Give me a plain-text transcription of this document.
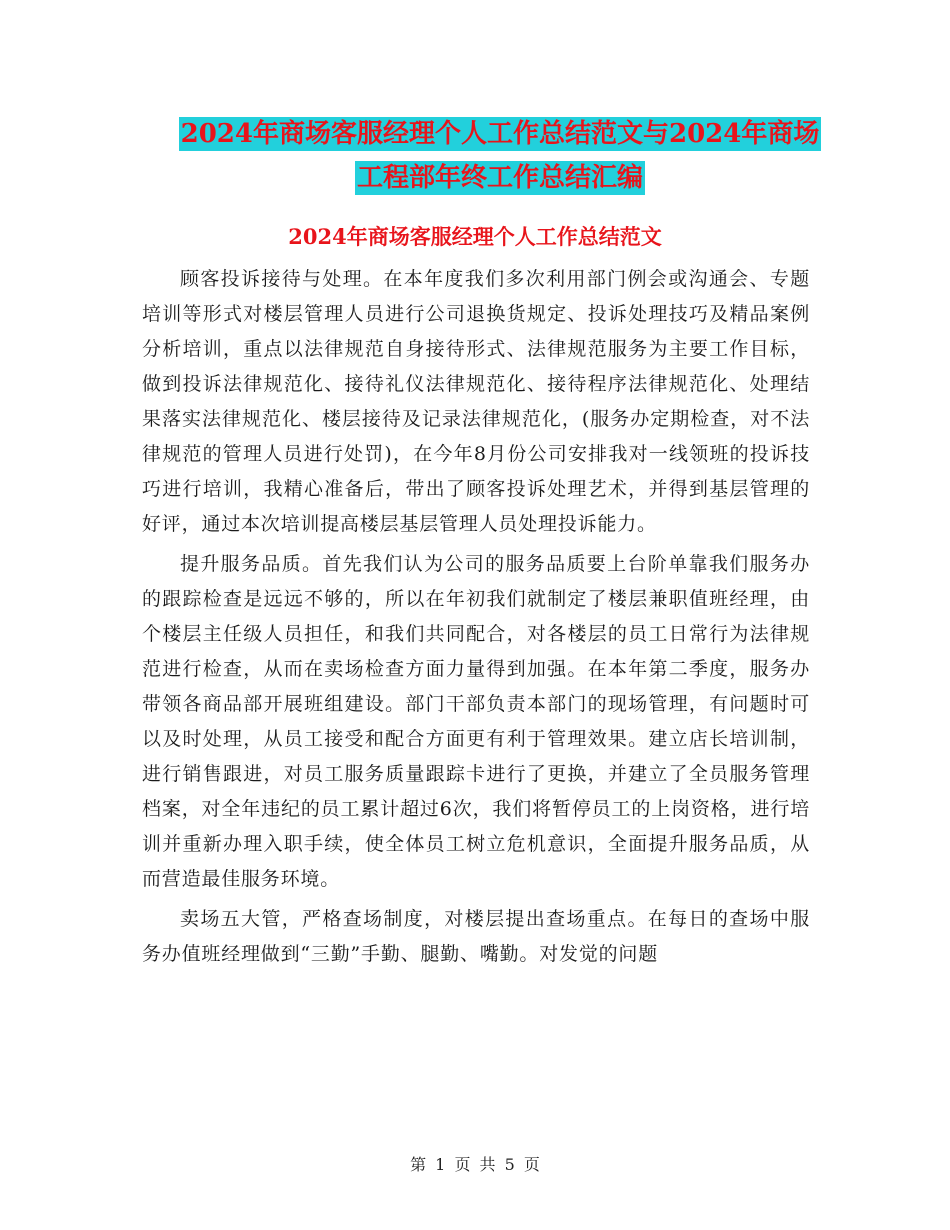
2024年商场客服经理个人工作总结范文与2024年商场
工程部年终工作总结汇编
2024年商场客服经理个人工作总结范文

顾客投诉接待与处理。在本年度我们多次利用部门例会或沟通会、专题培训等形式对楼层管理人员进行公司退换货规定、投诉处理技巧及精品案例分析培训，重点以法律规范自身接待形式、法律规范服务为主要工作目标，做到投诉法律规范化、接待礼仪法律规范化、接待程序法律规范化、处理结果落实法律规范化、楼层接待及记录法律规范化，(服务办定期检查，对不法律规范的管理人员进行处罚)，在今年8月份公司安排我对一线领班的投诉技巧进行培训，我精心准备后，带出了顾客投诉处理艺术，并得到基层管理的好评，通过本次培训提高楼层基层管理人员处理投诉能力。

提升服务品质。首先我们认为公司的服务品质要上台阶单靠我们服务办的跟踪检查是远远不够的，所以在年初我们就制定了楼层兼职值班经理，由个楼层主任级人员担任，和我们共同配合，对各楼层的员工日常行为法律规范进行检查，从而在卖场检查方面力量得到加强。在本年第二季度，服务办带领各商品部开展班组建设。部门干部负责本部门的现场管理，有问题时可以及时处理，从员工接受和配合方面更有利于管理效果。建立店长培训制，进行销售跟进，对员工服务质量跟踪卡进行了更换，并建立了全员服务管理档案，对全年违纪的员工累计超过6次，我们将暂停员工的上岗资格，进行培训并重新办理入职手续，使全体员工树立危机意识，全面提升服务品质，从而营造最佳服务环境。

卖场五大管，严格查场制度，对楼层提出查场重点。在每日的查场中服务办值班经理做到“三勤”手勤、腿勤、嘴勤。对发觉的问题

第 1 页 共 5 页
